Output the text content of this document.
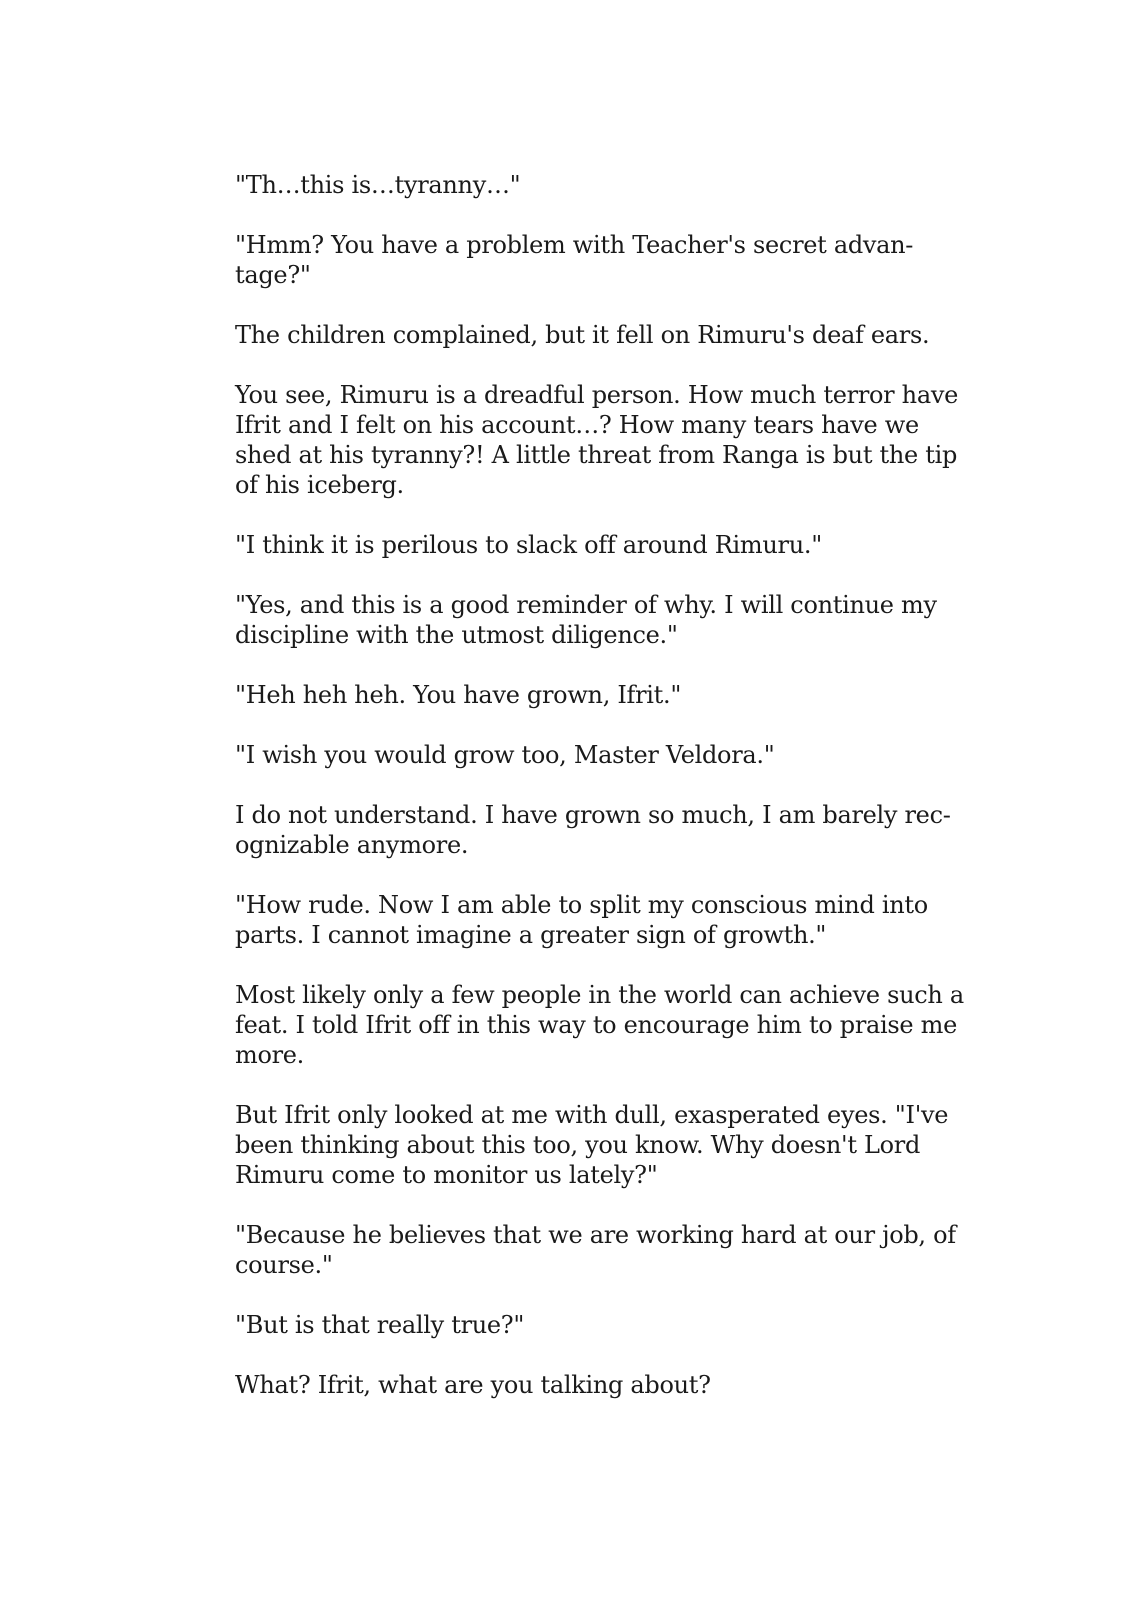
"Th…this is…tyranny…"

"Hmm? You have a problem with Teacher's secret advan-
tage?"

The children complained, but it fell on Rimuru's deaf ears.

You see, Rimuru is a dreadful person. How much terror have
Ifrit and I felt on his account…? How many tears have we
shed at his tyranny?! A little threat from Ranga is but the tip
of his iceberg.

"I think it is perilous to slack off around Rimuru."

"Yes, and this is a good reminder of why. I will continue my
discipline with the utmost diligence."

"Heh heh heh. You have grown, Ifrit."

"I wish you would grow too, Master Veldora."

I do not understand. I have grown so much, I am barely rec-
ognizable anymore.

"How rude. Now I am able to split my conscious mind into
parts. I cannot imagine a greater sign of growth."

Most likely only a few people in the world can achieve such a
feat. I told Ifrit off in this way to encourage him to praise me
more.

But Ifrit only looked at me with dull, exasperated eyes. "I've
been thinking about this too, you know. Why doesn't Lord
Rimuru come to monitor us lately?"

"Because he believes that we are working hard at our job, of
course."

"But is that really true?"

What? Ifrit, what are you talking about?
